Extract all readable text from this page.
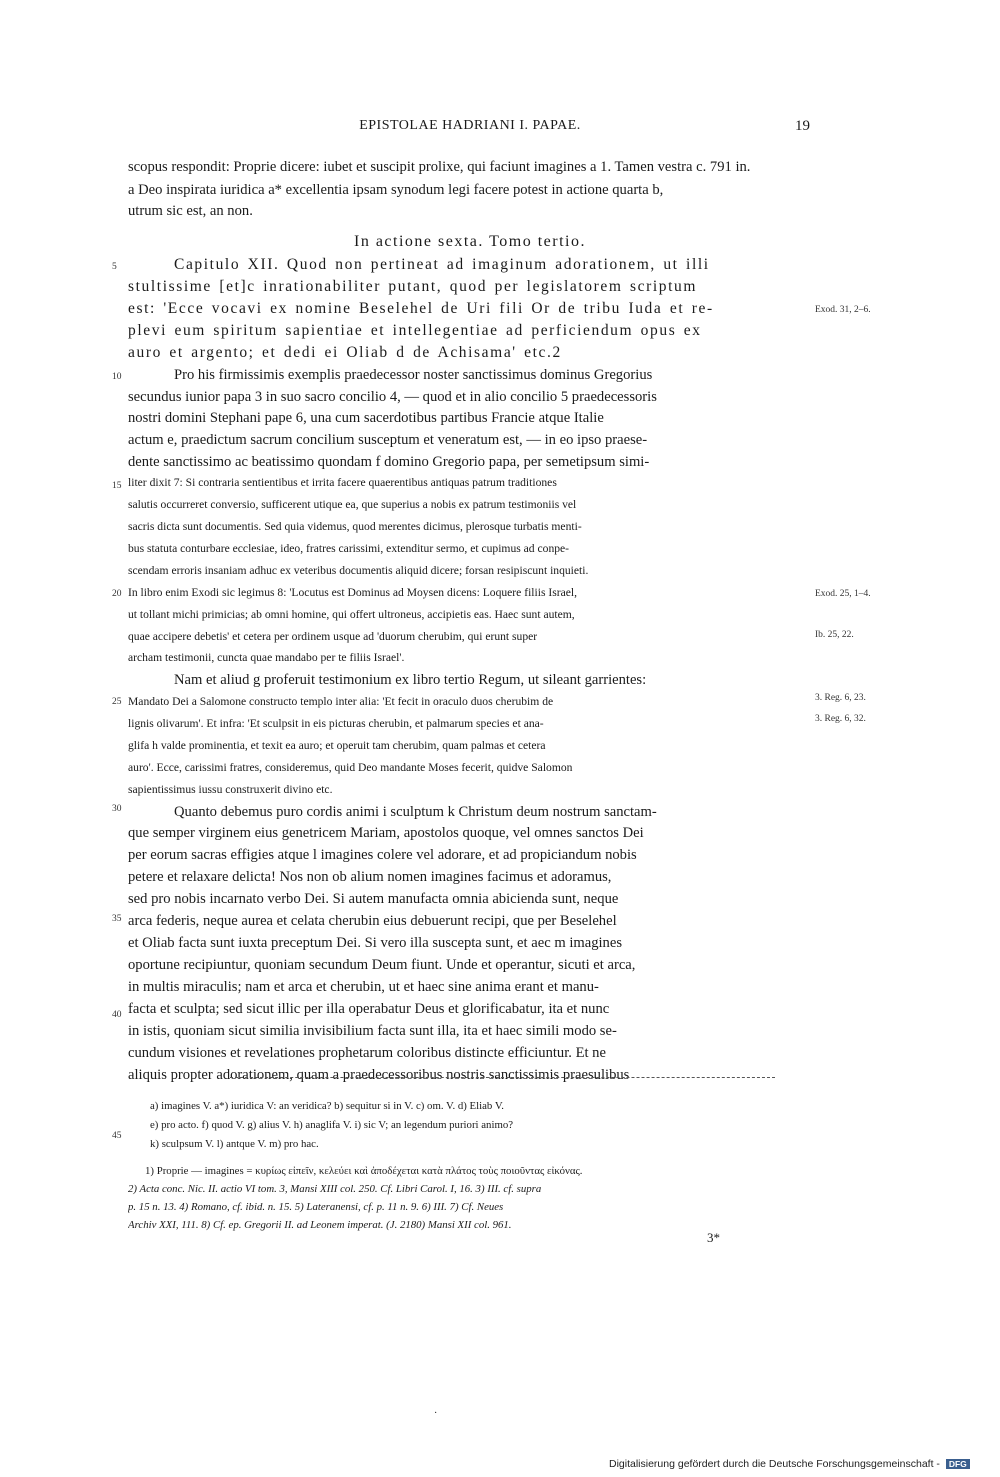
EPISTOLAE HADRIANI I. PAPAE.	19
scopus respondit: Proprie dicere: iubet et suscipit prolixe, qui faciunt imagines a 1. Tamen vestra c. 791 in.
a Deo inspirata iuridica a* excellentia ipsam synodum legi facere potest in actione quarta b,
utrum sic est, an non.
In actione sexta. Tomo tertio.
Capitulo XII. Quod non pertineat ad imaginum adorationem, ut illi
stultissime [et]c inrationabiliter putant, quod per legislatorem scriptum
est: 'Ecce vocavi ex nomine Beselehel de Uri fili Or de tribu Iuda et re-
plevi eum spiritum sapientiae et intellegentiae ad perficiendum opus ex
auro et argento; et dedi ei Oliab d de Achisama' etc.2
Pro his firmissimis exemplis praedecessor noster sanctissimus dominus Gregorius
secundus iunior papa 3 in suo sacro concilio 4, — quod et in alio concilio 5 praedecessoris
nostri domini Stephani pape 6, una cum sacerdotibus partibus Francie atque Italie
actum e, praedictum sacrum concilium susceptum et veneratum est, — in eo ipso praese-
dente sanctissimo ac beatissimo quondam f domino Gregorio papa, per semetipsum simi-
liter dixit 7: Si contraria sentientibus et irrita facere quaerentibus antiquas patrum traditiones
salutis occurreret conversio, sufficerent utique ea, que superius a nobis ex patrum testimoniis vel
sacris dicta sunt documentis. Sed quia videmus, quod merentes dicimus, plerosque turbatis menti-
bus statuta conturbare ecclesiae, ideo, fratres carissimi, extenditur sermo, et cupimus ad conpe-
scendam erroris insaniam adhuc ex veteribus documentis aliquid dicere; forsan resipiscunt inquieti.
In libro enim Exodi sic legimus 8: 'Locutus est Dominus ad Moysen dicens: Loquere filiis Israel,
ut tollant michi primicias; ab omni homine, qui offert ultroneus, accipietis eas. Haec sunt autem,
quae accipere debetis' et cetera per ordinem usque ad 'duorum cherubim, qui erunt super
archam testimonii, cuncta quae mandabo per te filiis Israel'.
Nam et aliud g proferuit testimonium ex libro tertio Regum, ut sileant garrientes:
Mandato Dei a Salomone constructo templo inter alia: 'Et fecit in oraculo duos cherubim de
lignis olivarum'. Et infra: 'Et sculpsit in eis picturas cherubin, et palmarum species et ana-
glifa h valde prominentia, et texit ea auro; et operuit tam cherubim, quam palmas et cetera
auro'. Ecce, carissimi fratres, consideremus, quid Deo mandante Moses fecerit, quidve Salomon
sapientissimus iussu construxerit divino etc.
Quanto debemus puro cordis animi i sculptum k Christum deum nostrum sanctam-
que semper virginem eius genetricem Mariam, apostolos quoque, vel omnes sanctos Dei
per eorum sacras effigies atque l imagines colere vel adorare, et ad propiciandum nobis
petere et relaxare delicta! Nos non ob alium nomen imagines facimus et adoramus,
sed pro nobis incarnato verbo Dei. Si autem manufacta omnia abicienda sunt, neque
arca federis, neque aurea et celata cherubin eius debuerunt recipi, que per Beselehel
et Oliab facta sunt iuxta preceptum Dei. Si vero illa suscepta sunt, et aec m imagines
oportune recipiuntur, quoniam secundum Deum fiunt. Unde et operantur, sicuti et arca,
in multis miraculis; nam et arca et cherubin, ut et haec sine anima erant et manu-
facta et sculpta; sed sicut illic per illa operabatur Deus et glorificabatur, ita et nunc
in istis, quoniam sicut similia invisibilium facta sunt illa, ita et haec simili modo se-
cundum visiones et revelationes prophetarum coloribus distincte efficiuntur. Et ne
aliquis propter adorationem, quam a praedecessoribus nostris sanctissimis praesulibus
5
10
15
20
25
30
35
40
45
Exod. 31, 2–6.
Exod. 25, 1–4.
Ib. 25, 22.
3. Reg. 6, 23.
3. Reg. 6, 32.
a) imagines V. a*) iuridica V: an veridica? b) sequitur si in V. c) om. V. d) Eliab V.
e) pro acto. f) quod V. g) alius V. h) anaglifa V. i) sic V; an legendum puriori animo?
k) sculpsum V. l) antque V. m) pro hac.
1) Proprie — imagines = κυρίως εἰπεῖν, κελεύει καὶ ἀποδέχεται κατὰ πλάτος τοὺς ποιοῦντας εἰκόνας.
2) Acta conc. Nic. II. actio VI tom. 3, Mansi XIII col. 250. Cf. Libri Carol. I, 16. 3) III. cf. supra
p. 15 n. 13. 4) Romano, cf. ibid. n. 15. 5) Lateranensi, cf. p. 11 n. 9. 6) III. 7) Cf. Neues
Archiv XXI, 111. 8) Cf. ep. Gregorii II. ad Leonem imperat. (J. 2180) Mansi XII col. 961.
3*
·
Digitalisierung gefördert durch die Deutsche Forschungsgemeinschaft - DFG
